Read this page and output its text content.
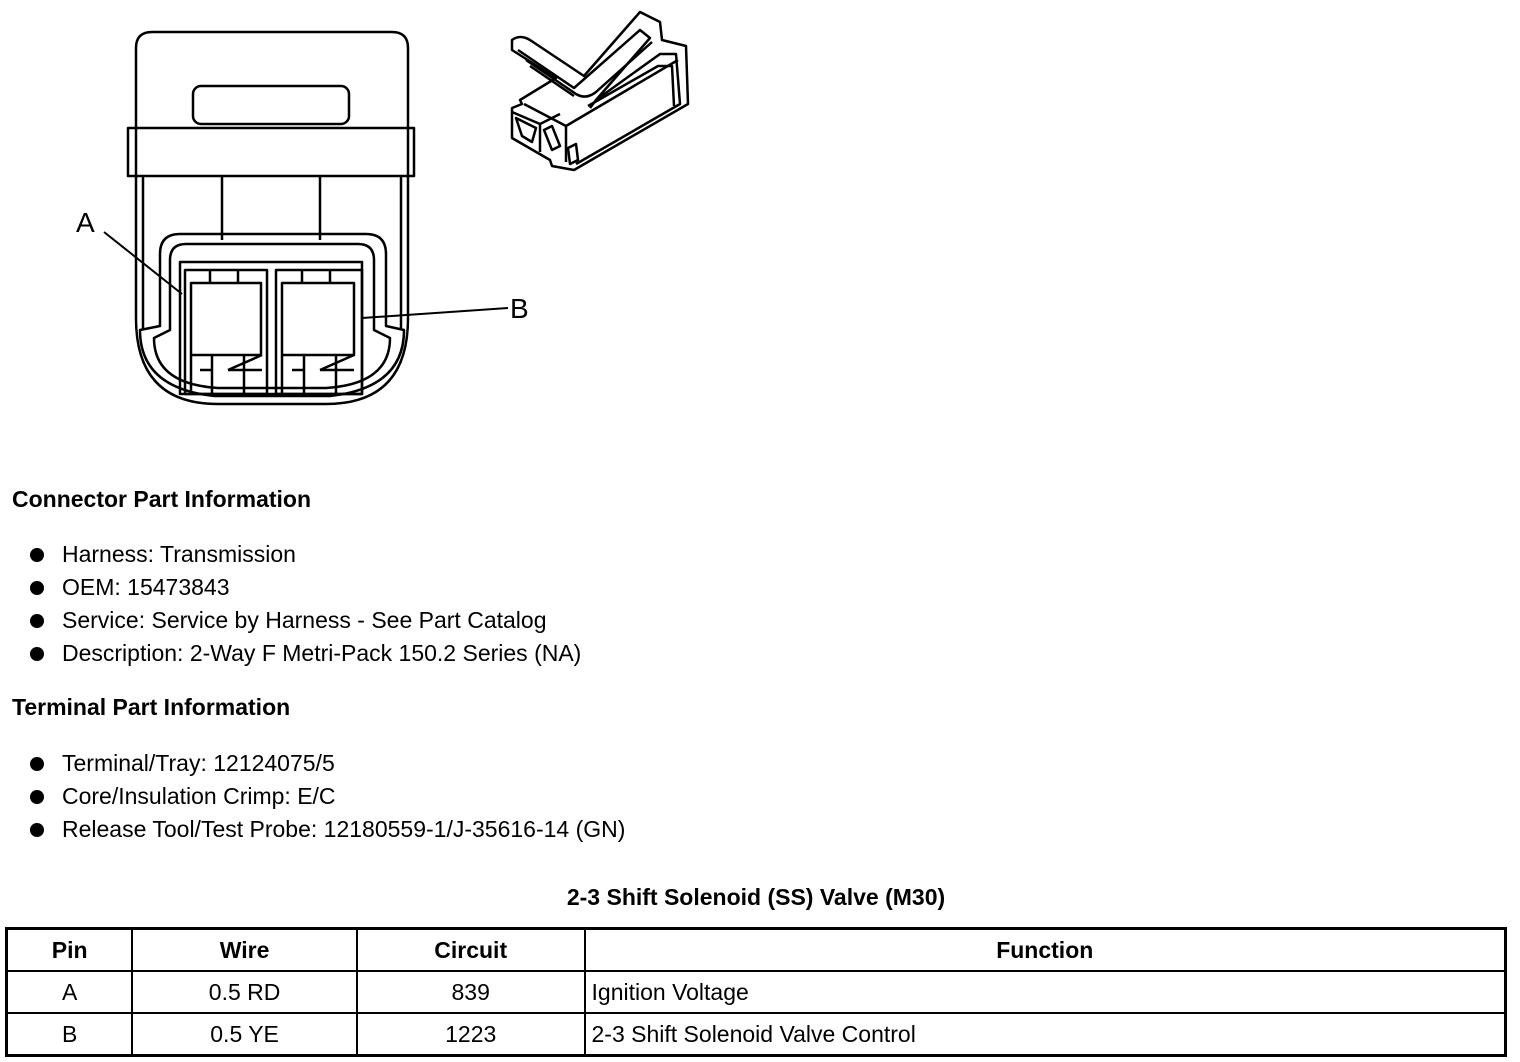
A
B
Connector Part Information
Harness: Transmission
OEM: 15473843
Service: Service by Harness - See Part Catalog
Description: 2-Way F Metri-Pack 150.2 Series (NA)
Terminal Part Information
Terminal/Tray: 12124075/5
Core/Insulation Crimp: E/C
Release Tool/Test Probe: 12180559-1/J-35616-14 (GN)
2-3 Shift Solenoid (SS) Valve (M30)
Pin	Wire	Circuit	Function
A	0.5 RD	839	Ignition Voltage
B	0.5 YE	1223	2-3 Shift Solenoid Valve Control
